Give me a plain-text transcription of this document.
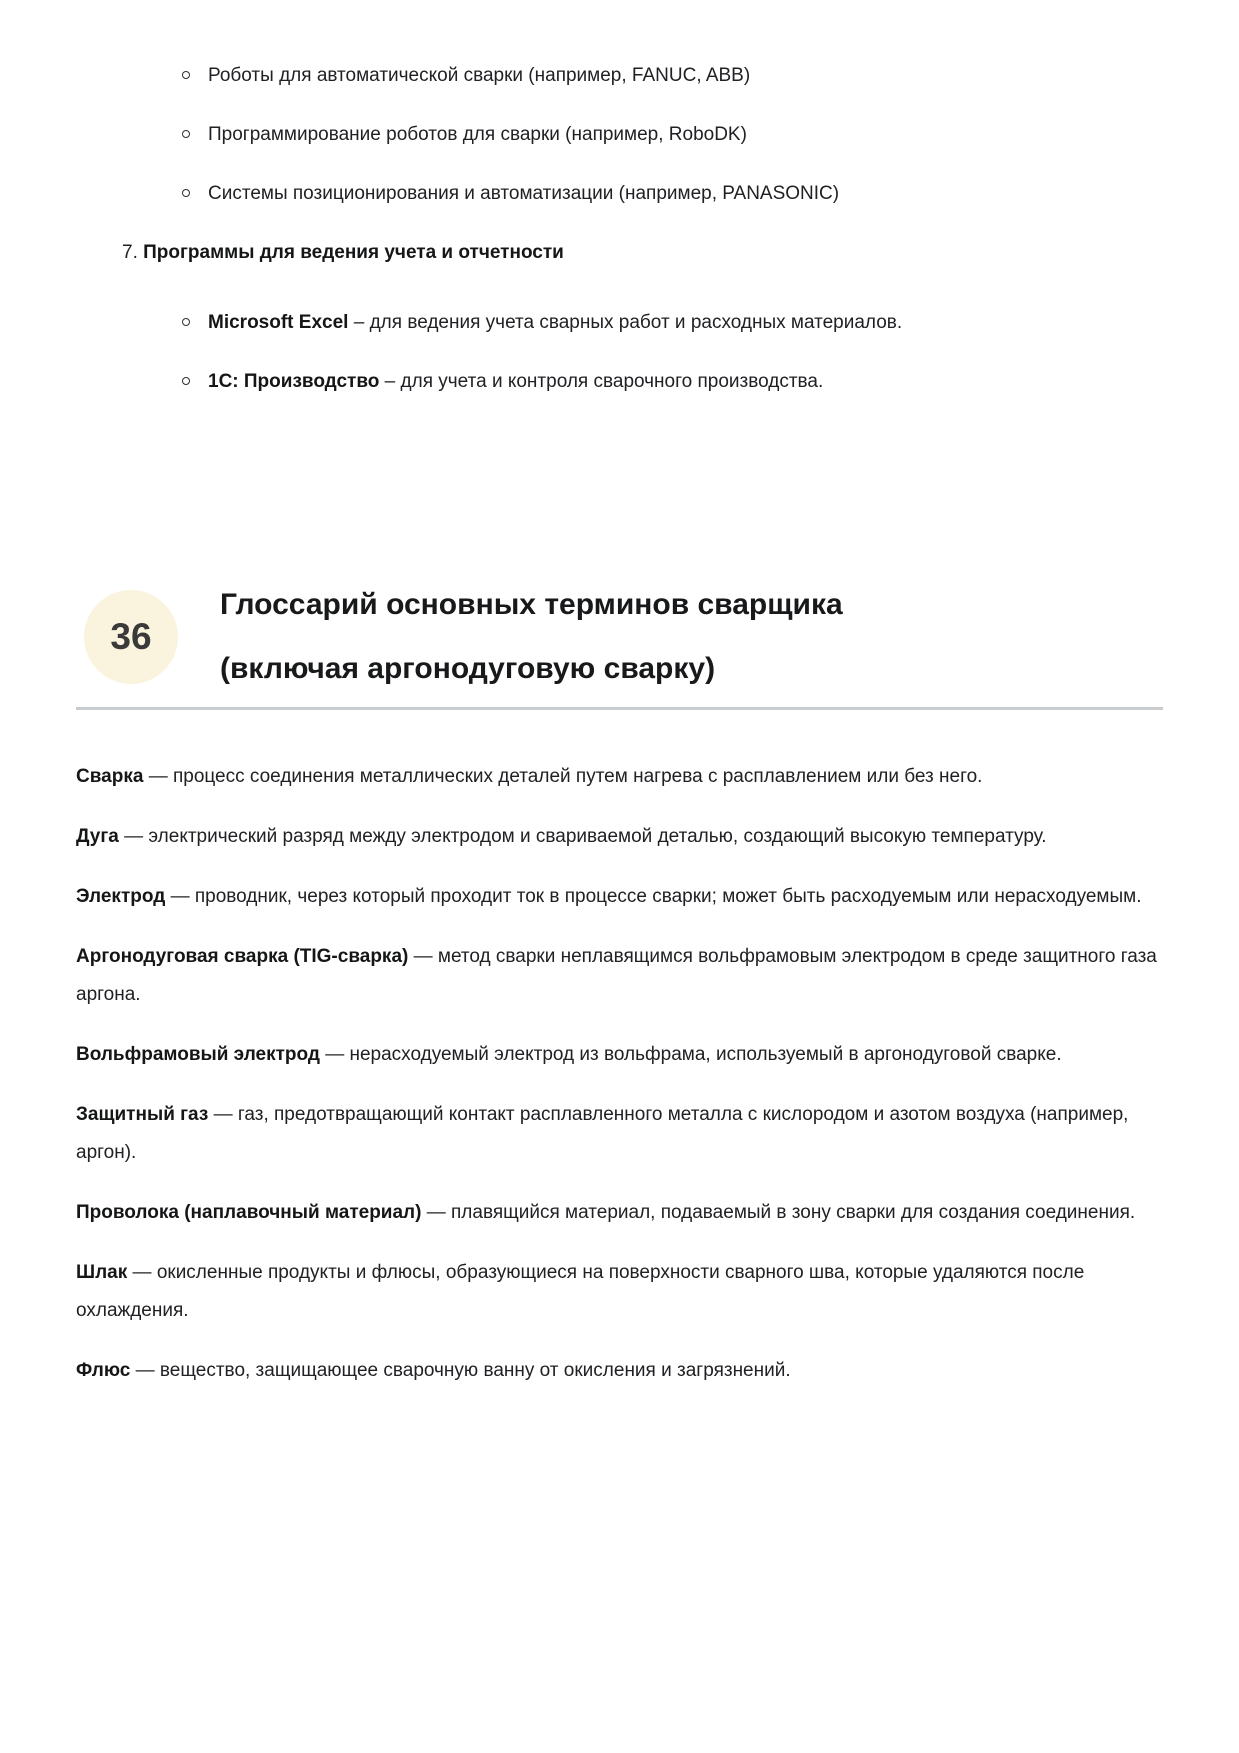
Роботы для автоматической сварки (например, FANUC, ABB)
Программирование роботов для сварки (например, RoboDK)
Системы позиционирования и автоматизации (например, PANASONIC)
7. Программы для ведения учета и отчетности
Microsoft Excel – для ведения учета сварных работ и расходных материалов.
1С: Производство – для учета и контроля сварочного производства.
36
Глоссарий основных терминов сварщика
(включая аргонодуговую сварку)

Сварка — процесс соединения металлических деталей путем нагрева с расплавлением или без него.

Дуга — электрический разряд между электродом и свариваемой деталью, создающий высокую температуру.

Электрод — проводник, через который проходит ток в процессе сварки; может быть расходуемым или нерасходуемым.

Аргонодуговая сварка (TIG-сварка) — метод сварки неплавящимся вольфрамовым электродом в среде защитного газа аргона.

Вольфрамовый электрод — нерасходуемый электрод из вольфрама, используемый в аргонодуговой сварке.

Защитный газ — газ, предотвращающий контакт расплавленного металла с кислородом и азотом воздуха (например, аргон).

Проволока (наплавочный материал) — плавящийся материал, подаваемый в зону сварки для создания соединения.

Шлак — окисленные продукты и флюсы, образующиеся на поверхности сварного шва, которые удаляются после охлаждения.

Флюс — вещество, защищающее сварочную ванну от окисления и загрязнений.
